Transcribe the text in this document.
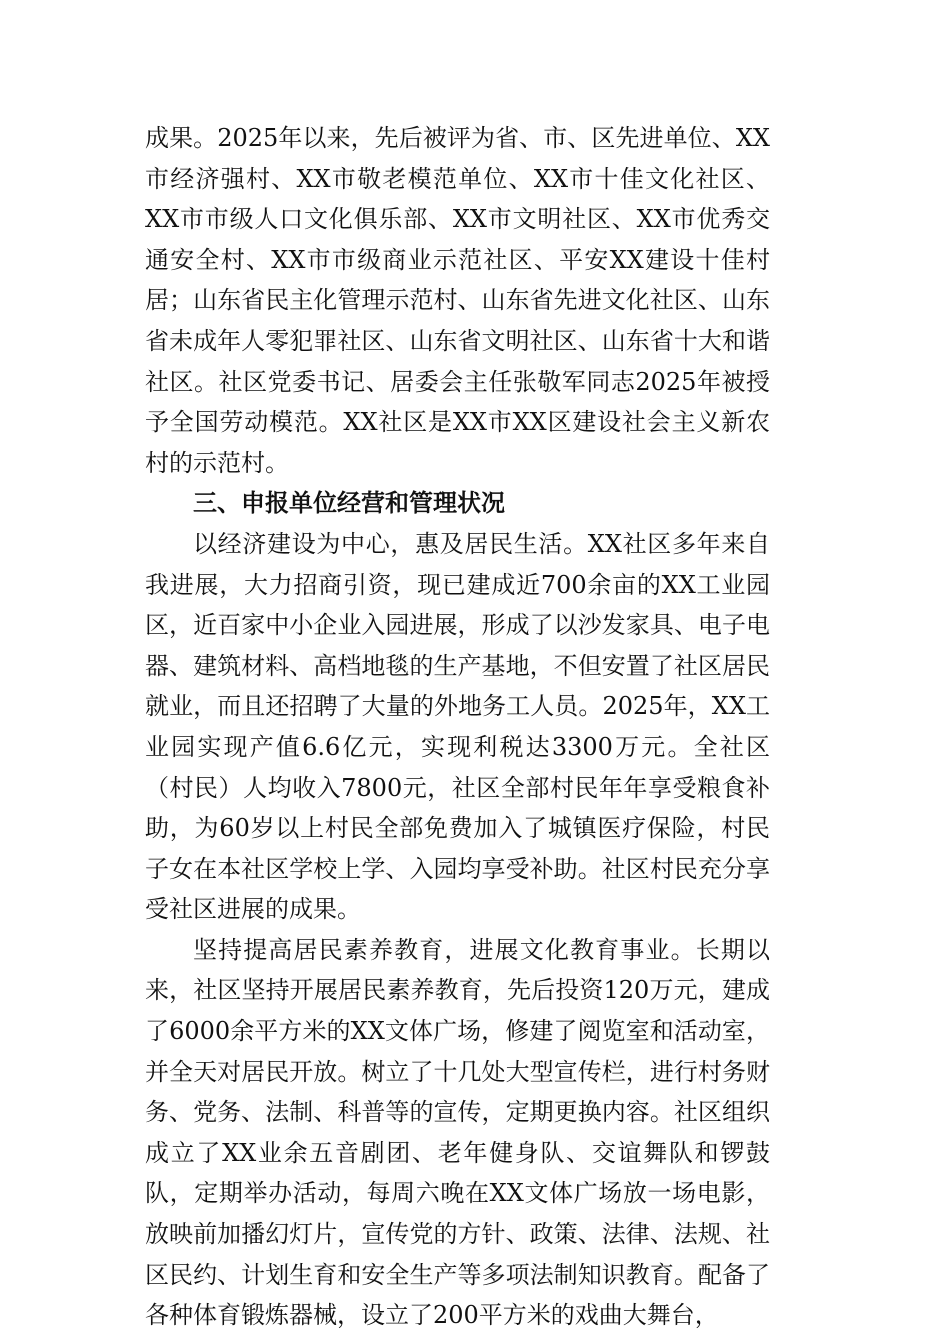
成果。2025年以来，先后被评为省、市、区先进单位、XX市经济强村、XX市敬老模范单位、XX市十佳文化社区、XX市市级人口文化俱乐部、XX市文明社区、XX市优秀交通安全村、XX市市级商业示范社区、平安XX建设十佳村居；山东省民主化管理示范村、山东省先进文化社区、山东省未成年人零犯罪社区、山东省文明社区、山东省十大和谐社区。社区党委书记、居委会主任张敬军同志2025年被授予全国劳动模范。XX社区是XX市XX区建设社会主义新农村的示范村。

三、申报单位经营和管理状况

以经济建设为中心，惠及居民生活。XX社区多年来自我进展，大力招商引资，现已建成近700余亩的XX工业园区，近百家中小企业入园进展，形成了以沙发家具、电子电器、建筑材料、高档地毯的生产基地，不但安置了社区居民就业，而且还招聘了大量的外地务工人员。2025年，XX工业园实现产值6.6亿元，实现利税达3300万元。全社区（村民）人均收入7800元，社区全部村民年年享受粮食补助，为60岁以上村民全部免费加入了城镇医疗保险，村民子女在本社区学校上学、入园均享受补助。社区村民充分享受社区进展的成果。

坚持提高居民素养教育，进展文化教育事业。长期以来，社区坚持开展居民素养教育，先后投资120万元，建成了6000余平方米的XX文体广场，修建了阅览室和活动室，并全天对居民开放。树立了十几处大型宣传栏，进行村务财务、党务、法制、科普等的宣传，定期更换内容。社区组织成立了XX业余五音剧团、老年健身队、交谊舞队和锣鼓队，定期举办活动，每周六晚在XX文体广场放一场电影，放映前加播幻灯片，宣传党的方针、政策、法律、法规、社区民约、计划生育和安全生产等多项法制知识教育。配备了各种体育锻炼器械，设立了200平方米的戏曲大舞台，
